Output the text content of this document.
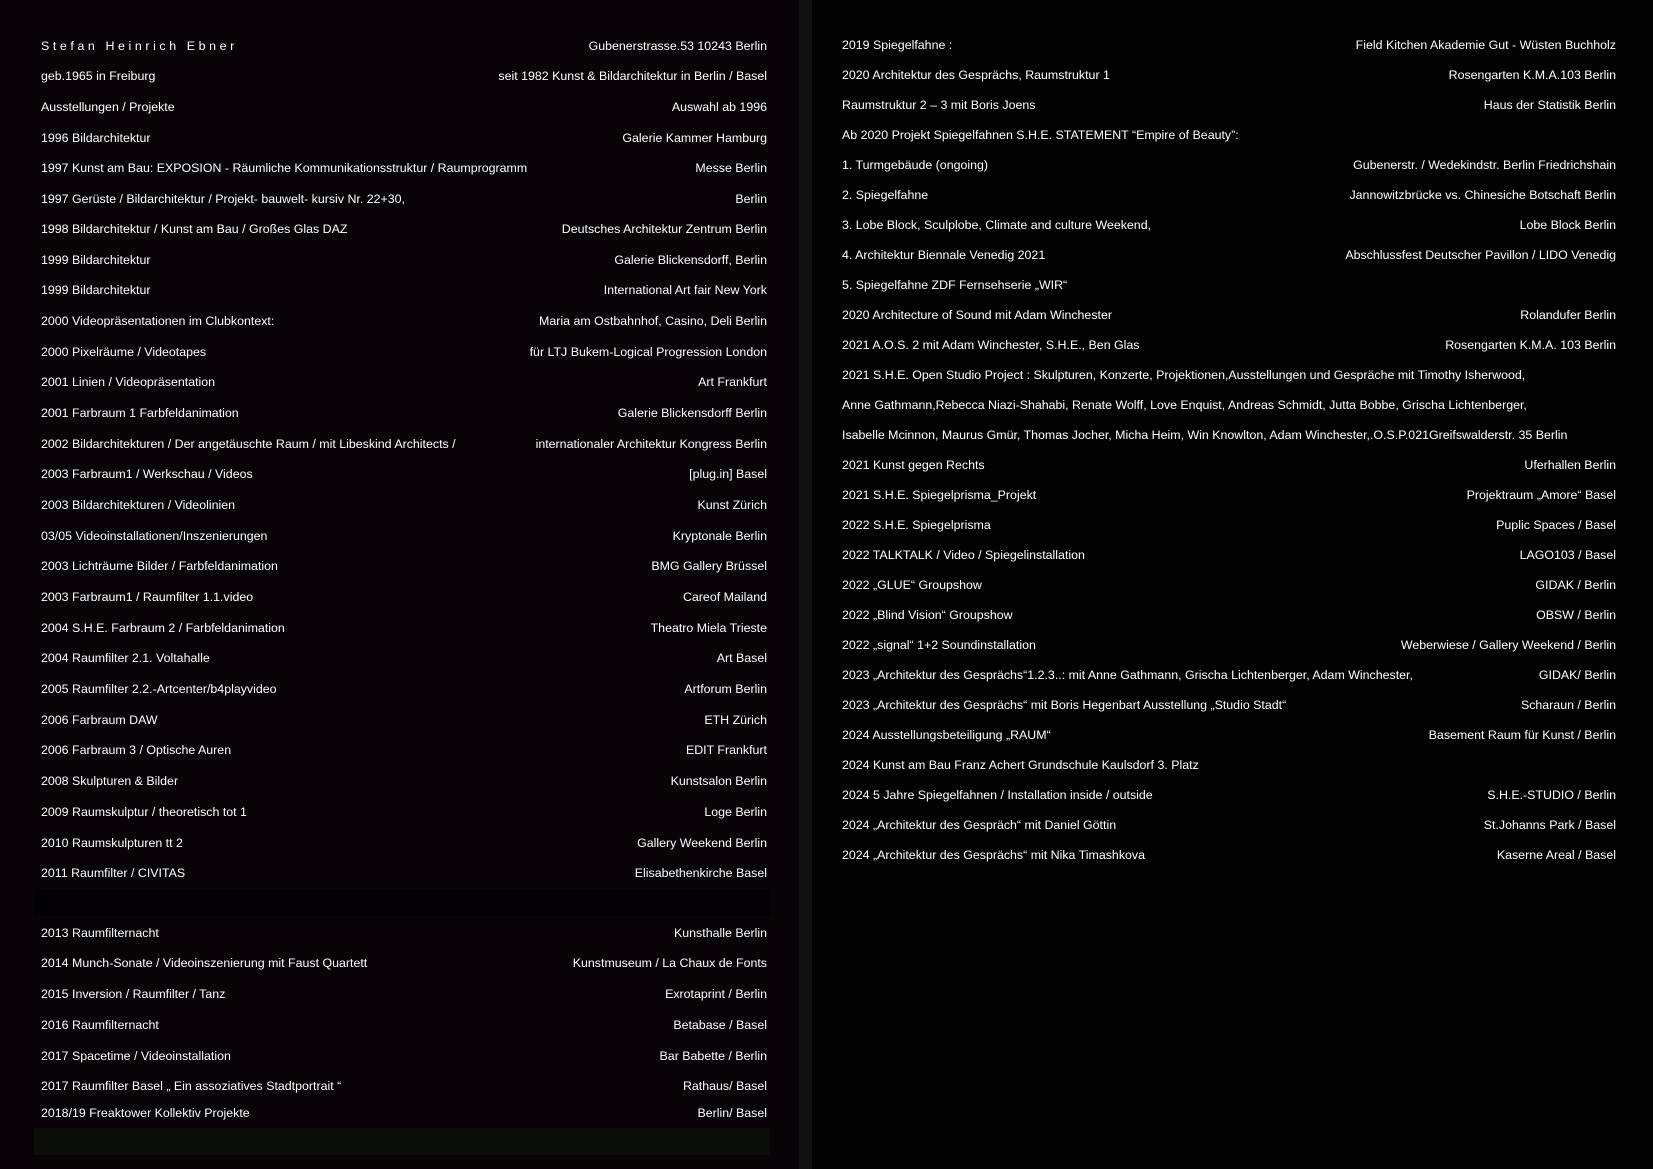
Stefan Heinrich Ebner	Gubenerstrasse.53 10243 Berlin
geb.1965 in Freiburg	seit 1982 Kunst & Bildarchitektur in Berlin / Basel
Ausstellungen / Projekte	Auswahl ab 1996
1996 Bildarchitektur	Galerie Kammer Hamburg
1997 Kunst am Bau: EXPOSION - Räumliche Kommunikationsstruktur / Raumprogramm	Messe Berlin
1997 Gerüste / Bildarchitektur / Projekt- bauwelt- kursiv Nr. 22+30,	Berlin
1998 Bildarchitektur / Kunst am Bau / Großes Glas DAZ	Deutsches Architektur Zentrum Berlin
1999 Bildarchitektur	Galerie Blickensdorff, Berlin
1999 Bildarchitektur	International Art fair New York
2000 Videopräsentationen im Clubkontext:	Maria am Ostbahnhof, Casino, Deli Berlin
2000 Pixelräume / Videotapes	für LTJ Bukem-Logical Progression London
2001 Linien / Videopräsentation	Art Frankfurt
2001 Farbraum 1 Farbfeldanimation	Galerie Blickensdorff Berlin
2002 Bildarchitekturen / Der angetäuschte Raum / mit Libeskind Architects /	internationaler Architektur Kongress Berlin
2003 Farbraum1 / Werkschau / Videos	[plug.in] Basel
2003 Bildarchitekturen / Videolinien	Kunst Zürich
03/05 Videoinstallationen/Inszenierungen	Kryptonale Berlin
2003 Lichträume Bilder / Farbfeldanimation	BMG Gallery Brüssel
2003 Farbraum1 / Raumfilter 1.1.video	Careof Mailand
2004 S.H.E. Farbraum 2 / Farbfeldanimation	Theatro Miela Trieste
2004 Raumfilter 2.1. Voltahalle	Art Basel
2005 Raumfilter 2.2.-Artcenter/b4playvideo	Artforum Berlin
2006 Farbraum DAW	ETH Zürich
2006 Farbraum 3 / Optische Auren	EDIT Frankfurt
2008 Skulpturen & Bilder	Kunstsalon Berlin
2009 Raumskulptur / theoretisch tot 1	Loge Berlin
2010 Raumskulpturen tt 2	Gallery Weekend Berlin
2011 Raumfilter / CIVITAS	Elisabethenkirche Basel
2013 Raumfilternacht	Kunsthalle Berlin
2014 Munch-Sonate / Videoinszenierung mit Faust Quartett	Kunstmuseum / La Chaux de Fonts
2015 Inversion / Raumfilter / Tanz	Exrotaprint / Berlin
2016 Raumfilternacht	Betabase / Basel
2017 Spacetime / Videoinstallation	Bar Babette / Berlin
2017 Raumfilter Basel „ Ein assoziatives Stadtportrait “	Rathaus/ Basel
2018/19 Freaktower Kollektiv Projekte	Berlin/ Basel
2019 Spiegelfahne :	Field Kitchen Akademie Gut - Wüsten Buchholz
2020 Architektur des Gesprächs, Raumstruktur 1	Rosengarten K.M.A.103 Berlin
Raumstruktur 2 – 3 mit Boris Joens	Haus der Statistik Berlin
Ab 2020 Projekt Spiegelfahnen S.H.E. STATEMENT “Empire of Beauty”:
1. Turmgebäude (ongoing)	Gubenerstr. / Wedekindstr. Berlin Friedrichshain
2. Spiegelfahne	Jannowitzbrücke vs. Chinesiche Botschaft Berlin
3. Lobe Block, Sculplobe, Climate and culture Weekend,	Lobe Block Berlin
4. Architektur Biennale Venedig 2021	Abschlussfest Deutscher Pavillon / LIDO Venedig
5. Spiegelfahne ZDF Fernsehserie „WIR“
2020 Architecture of Sound mit Adam Winchester	Rolandufer Berlin
2021 A.O.S. 2 mit Adam Winchester, S.H.E., Ben Glas	Rosengarten K.M.A. 103 Berlin
2021 S.H.E. Open Studio Project : Skulpturen, Konzerte, Projektionen,Ausstellungen und Gespräche mit Timothy Isherwood,
Anne Gathmann,Rebecca Niazi-Shahabi, Renate Wolff, Love Enquist, Andreas Schmidt, Jutta Bobbe, Grischa Lichtenberger,
Isabelle Mcinnon, Maurus Gmür, Thomas Jocher, Micha Heim, Win Knowlton, Adam Winchester,.O.S.P.021Greifswalderstr. 35 Berlin
2021 Kunst gegen Rechts	Uferhallen Berlin
2021 S.H.E. Spiegelprisma_Projekt	Projektraum „Amore“ Basel
2022 S.H.E. Spiegelprisma	Puplic Spaces / Basel
2022 TALKTALK / Video / Spiegelinstallation	LAGO103 / Basel
2022 „GLUE“ Groupshow	GIDAK / Berlin
2022 „Blind Vision“ Groupshow	OBSW / Berlin
2022 „signal“ 1+2 Soundinstallation	Weberwiese / Gallery Weekend / Berlin
2023 „Architektur des Gesprächs“1.2.3..: mit Anne Gathmann, Grischa Lichtenberger, Adam Winchester,	GIDAK/ Berlin
2023 „Architektur des Gesprächs“ mit Boris Hegenbart Ausstellung „Studio Stadt“	Scharaun / Berlin
2024 Ausstellungsbeteiligung „RAUM“	Basement Raum für Kunst / Berlin
2024 Kunst am Bau Franz Achert Grundschule Kaulsdorf 3. Platz
2024 5 Jahre Spiegelfahnen / Installation inside / outside	S.H.E.-STUDIO / Berlin
2024 „Architektur des Gespräch“ mit Daniel Göttin	St.Johanns Park / Basel
2024 „Architektur des Gesprächs“ mit Nika Timashkova	Kaserne Areal / Basel
